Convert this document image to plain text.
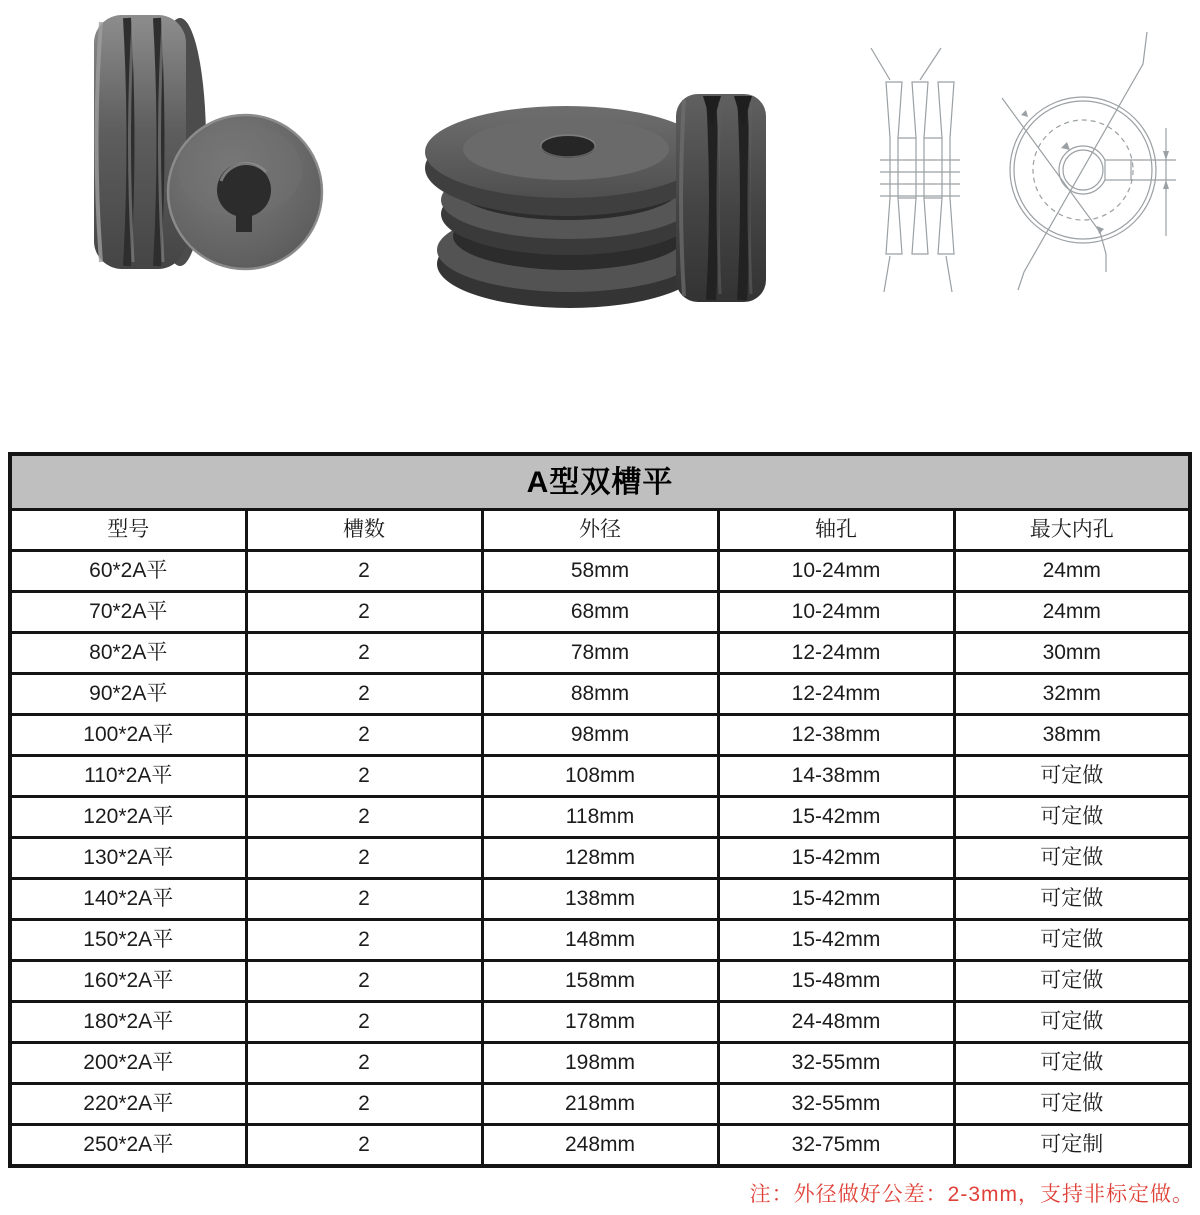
A型双槽平				
型号	槽数	外径	轴孔	最大内孔
60*2A平	2	58mm	10-24mm	24mm
70*2A平	2	68mm	10-24mm	24mm
80*2A平	2	78mm	12-24mm	30mm
90*2A平	2	88mm	12-24mm	32mm
100*2A平	2	98mm	12-38mm	38mm
110*2A平	2	108mm	14-38mm	可定做
120*2A平	2	118mm	15-42mm	可定做
130*2A平	2	128mm	15-42mm	可定做
140*2A平	2	138mm	15-42mm	可定做
150*2A平	2	148mm	15-42mm	可定做
160*2A平	2	158mm	15-48mm	可定做
180*2A平	2	178mm	24-48mm	可定做
200*2A平	2	198mm	32-55mm	可定做
220*2A平	2	218mm	32-55mm	可定做
250*2A平	2	248mm	32-75mm	可定制
注：外径做好公差：2-3mm，支持非标定做。
